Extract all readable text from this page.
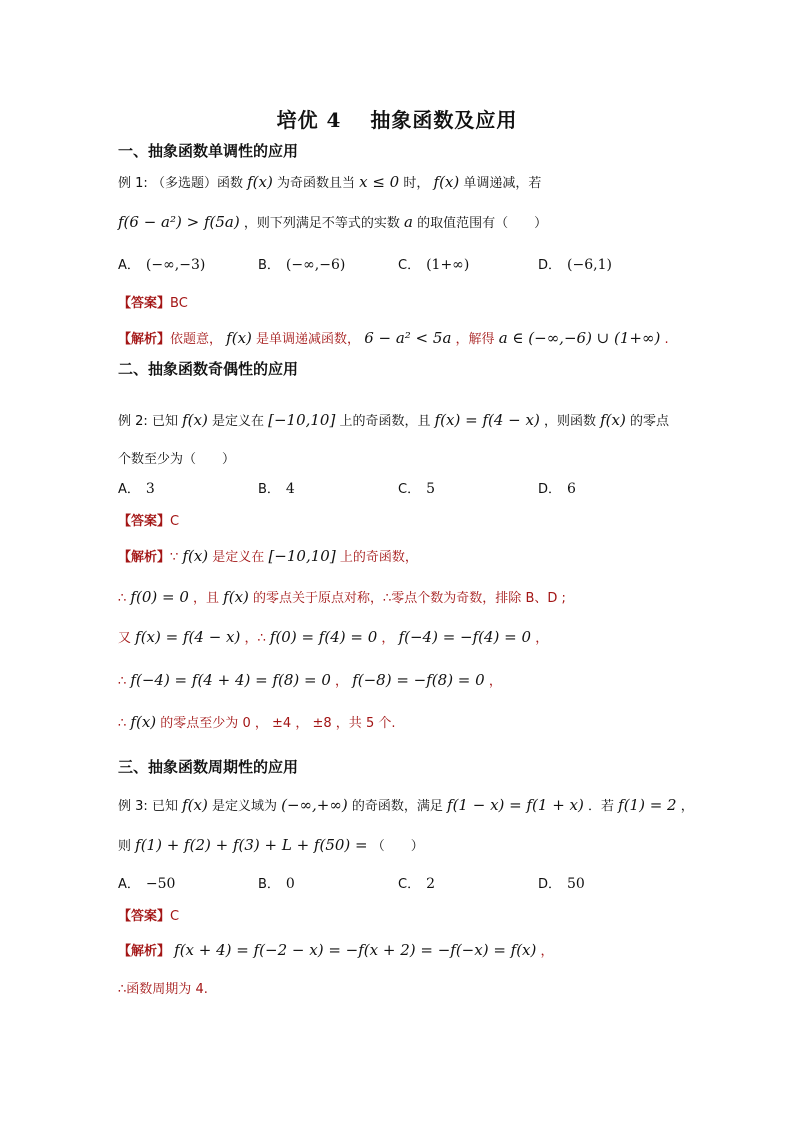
培优 4　 抽象函数及应用
一、抽象函数单调性的应用
例 1: （多选题）函数 f(x) 为奇函数且当 x ≤ 0 时， f(x) 单调递减，若
f(6 − a²) > f(5a) ，则下列满足不等式的实数 a 的取值范围有（　　）
A． (−∞,−3)	B． (−∞,−6)	C． (1+∞)	D． (−6,1)
【答案】BC
【解析】依题意， f(x) 是单调递减函数， 6 − a² < 5a ，解得 a ∈ (−∞,−6) ∪ (1+∞) .
二、抽象函数奇偶性的应用
例 2: 已知 f(x) 是定义在 [−10,10] 上的奇函数，且 f(x) = f(4 − x) ，则函数 f(x) 的零点
个数至少为（　　）
A． 3	B． 4	C． 5	D． 6
【答案】C
【解析】∵ f(x) 是定义在 [−10,10] 上的奇函数，
∴ f(0) = 0 ，且 f(x) 的零点关于原点对称，∴零点个数为奇数，排除 B、D ;
又 f(x) = f(4 − x) ，∴ f(0) = f(4) = 0 ， f(−4) = −f(4) = 0 ，
∴ f(−4) = f(4 + 4) = f(8) = 0 ， f(−8) = −f(8) = 0 ，
∴ f(x) 的零点至少为 0 ， ±4 ， ±8 ，共 5 个.
三、抽象函数周期性的应用
例 3: 已知 f(x) 是定义域为 (−∞,+∞) 的奇函数，满足 f(1 − x) = f(1 + x) ．若 f(1) = 2 ，
则 f(1) + f(2) + f(3) + L + f(50) = （　　）
A． −50	B． 0	C． 2	D． 50
【答案】C
【解析】 f(x + 4) = f(−2 − x) = −f(x + 2) = −f(−x) = f(x) ，
∴函数周期为 4.
